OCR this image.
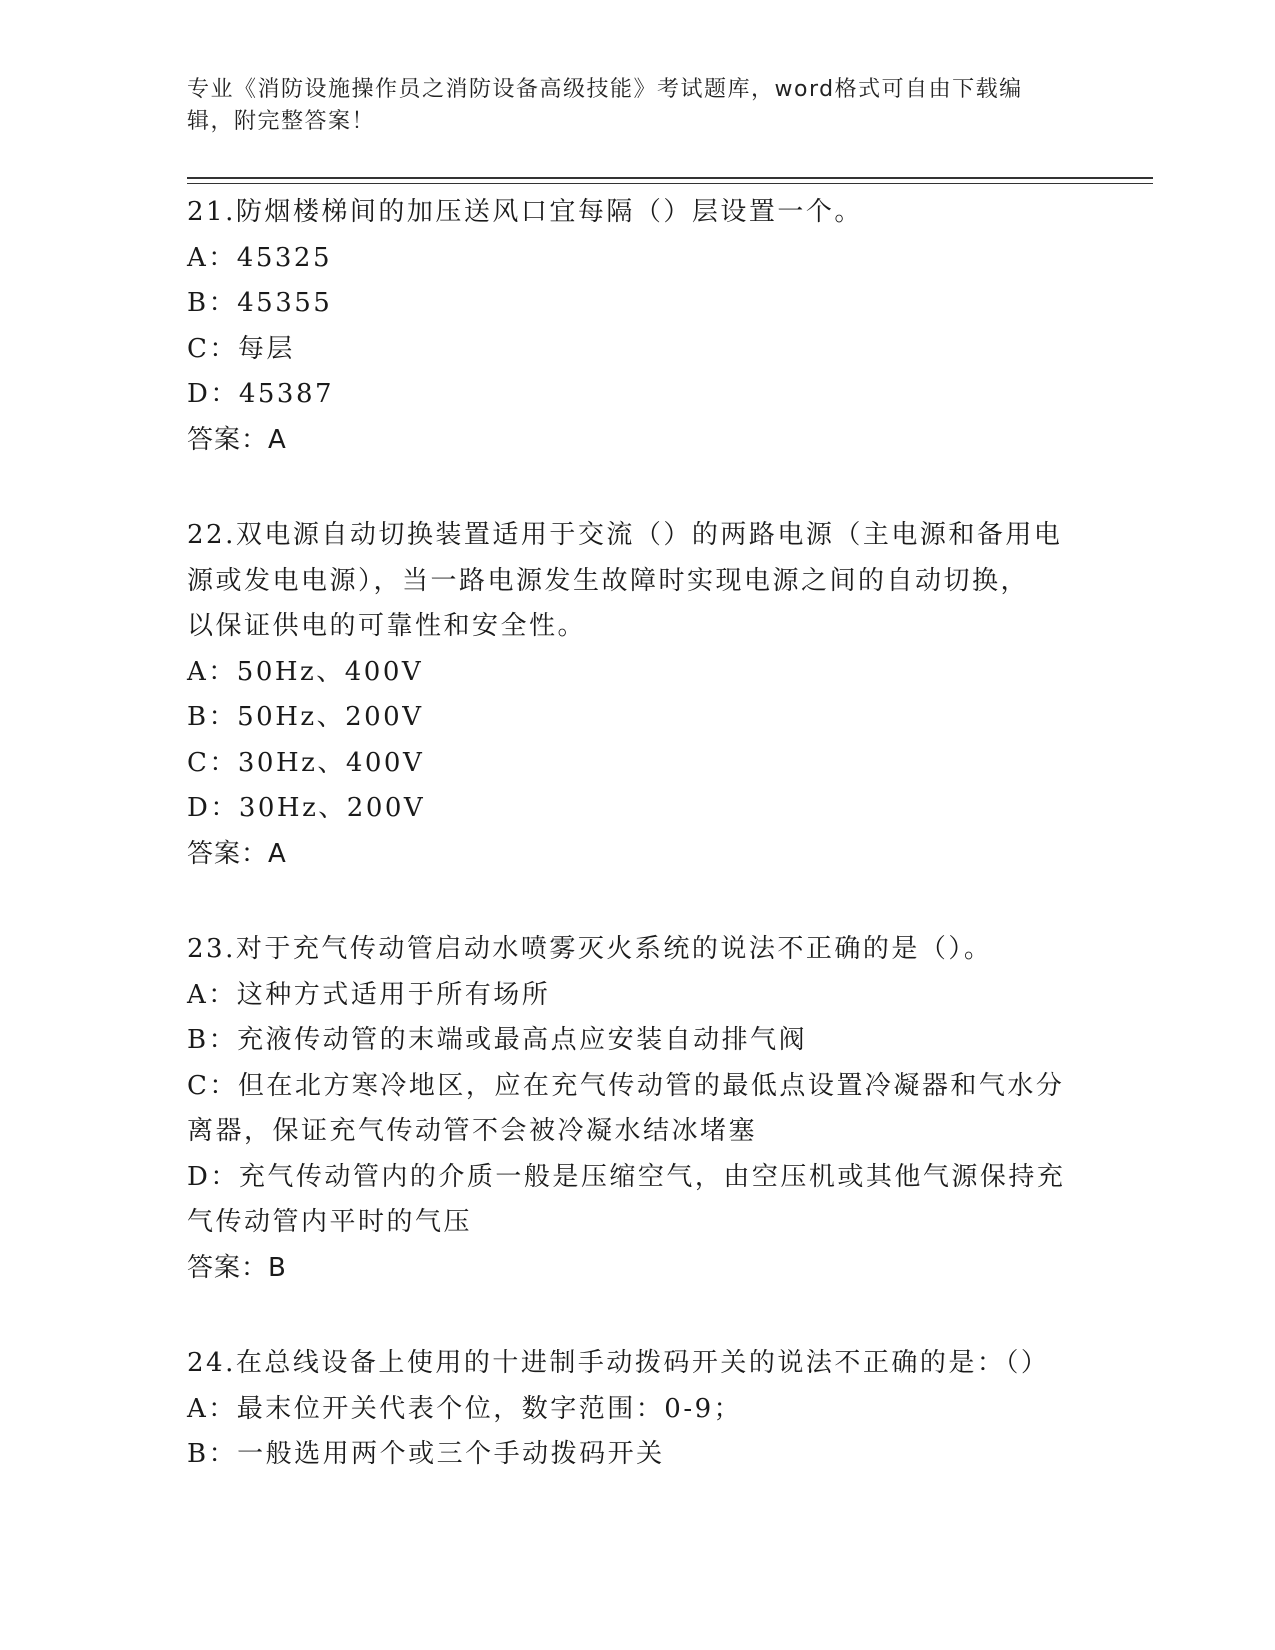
专业《消防设施操作员之消防设备高级技能》考试题库，word格式可自由下载编辑，附完整答案！
21.防烟楼梯间的加压送风口宜每隔（）层设置一个。
A：45325
B：45355
C：每层
D：45387
答案：A
22.双电源自动切换装置适用于交流（）的两路电源（主电源和备用电
源或发电电源），当一路电源发生故障时实现电源之间的自动切换，
以保证供电的可靠性和安全性。
A：50Hz、400V
B：50Hz、200V
C：30Hz、400V
D：30Hz、200V
答案：A
23.对于充气传动管启动水喷雾灭火系统的说法不正确的是（）。
A：这种方式适用于所有场所
B：充液传动管的末端或最高点应安装自动排气阀
C：但在北方寒冷地区，应在充气传动管的最低点设置冷凝器和气水分
离器，保证充气传动管不会被冷凝水结冰堵塞
D：充气传动管内的介质一般是压缩空气，由空压机或其他气源保持充
气传动管内平时的气压
答案：B
24.在总线设备上使用的十进制手动拨码开关的说法不正确的是：（）
A：最末位开关代表个位，数字范围：0-9；
B：一般选用两个或三个手动拨码开关
